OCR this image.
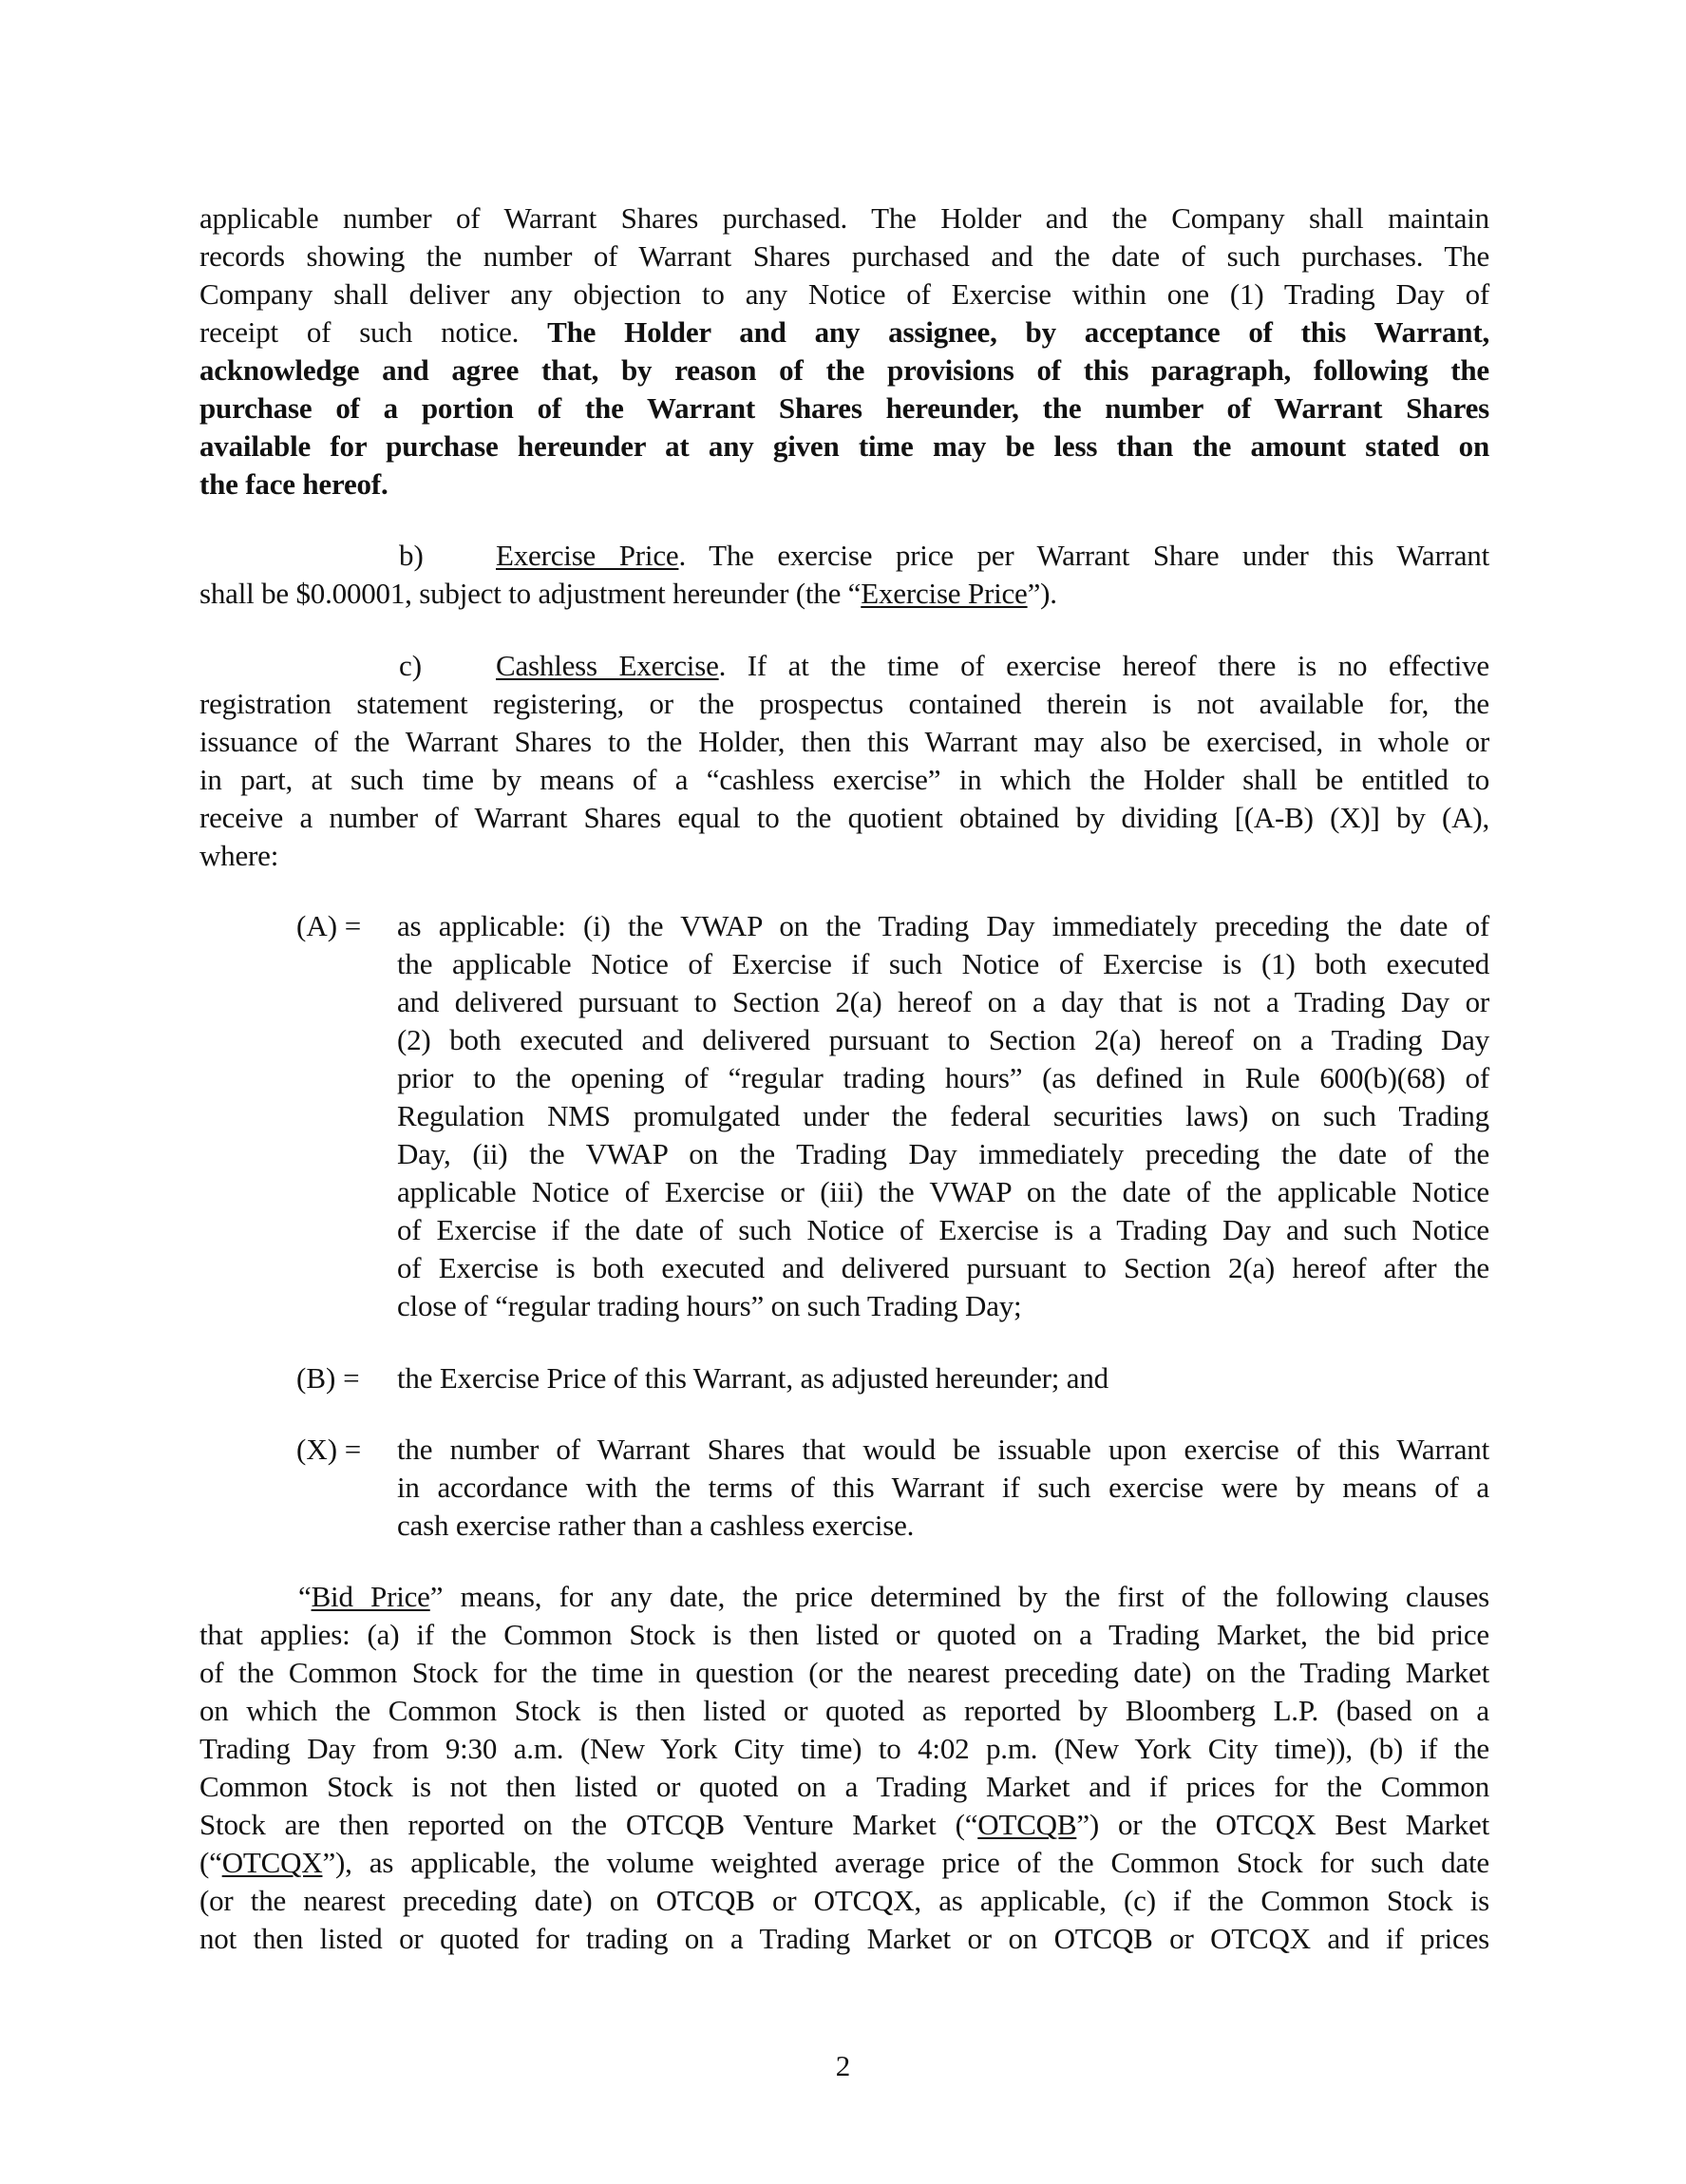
applicable number of Warrant Shares purchased. The Holder and the Company shall maintain
records showing the number of Warrant Shares purchased and the date of such purchases. The
Company shall deliver any objection to any Notice of Exercise within one (1) Trading Day of
receipt of such notice. The Holder and any assignee, by acceptance of this Warrant,
acknowledge and agree that, by reason of the provisions of this paragraph, following the
purchase of a portion of the Warrant Shares hereunder, the number of Warrant Shares
available for purchase hereunder at any given time may be less than the amount stated on
the face hereof.
b) Exercise Price. The exercise price per Warrant Share under this Warrant
shall be $0.00001, subject to adjustment hereunder (the “Exercise Price”).
c)	Cashless Exercise. If at the time of exercise hereof there is no effective
registration statement registering, or the prospectus contained therein is not available for, the
issuance of the Warrant Shares to the Holder, then this Warrant may also be exercised, in whole or
in part, at such time by means of a “cashless exercise” in which the Holder shall be entitled to
receive a number of Warrant Shares equal to the quotient obtained by dividing [(A-B) (X)] by (A),
where:
(A) = as applicable: (i) the VWAP on the Trading Day immediately preceding the date of
the applicable Notice of Exercise if such Notice of Exercise is (1) both executed
and delivered pursuant to Section 2(a) hereof on a day that is not a Trading Day or
(2) both executed and delivered pursuant to Section 2(a) hereof on a Trading Day
prior to the opening of “regular trading hours” (as defined in Rule 600(b)(68) of
Regulation NMS promulgated under the federal securities laws) on such Trading
Day, (ii) the VWAP on the Trading Day immediately preceding the date of the
applicable Notice of Exercise or (iii) the VWAP on the date of the applicable Notice
of Exercise if the date of such Notice of Exercise is a Trading Day and such Notice
of Exercise is both executed and delivered pursuant to Section 2(a) hereof after the
close of “regular trading hours” on such Trading Day;
(B) = the Exercise Price of this Warrant, as adjusted hereunder; and
(X) = the number of Warrant Shares that would be issuable upon exercise of this Warrant
in accordance with the terms of this Warrant if such exercise were by means of a
cash exercise rather than a cashless exercise.
“Bid Price” means, for any date, the price determined by the first of the following clauses
that applies: (a) if the Common Stock is then listed or quoted on a Trading Market, the bid price
of the Common Stock for the time in question (or the nearest preceding date) on the Trading Market
on which the Common Stock is then listed or quoted as reported by Bloomberg L.P. (based on a
Trading Day from 9:30 a.m. (New York City time) to 4:02 p.m. (New York City time)), (b) if the
Common Stock is not then listed or quoted on a Trading Market and if prices for the Common
Stock are then reported on the OTCQB Venture Market (“OTCQB”) or the OTCQX Best Market
(“OTCQX”), as applicable, the volume weighted average price of the Common Stock for such date
(or the nearest preceding date) on OTCQB or OTCQX, as applicable, (c) if the Common Stock is
not then listed or quoted for trading on a Trading Market or on OTCQB or OTCQX and if prices
2
